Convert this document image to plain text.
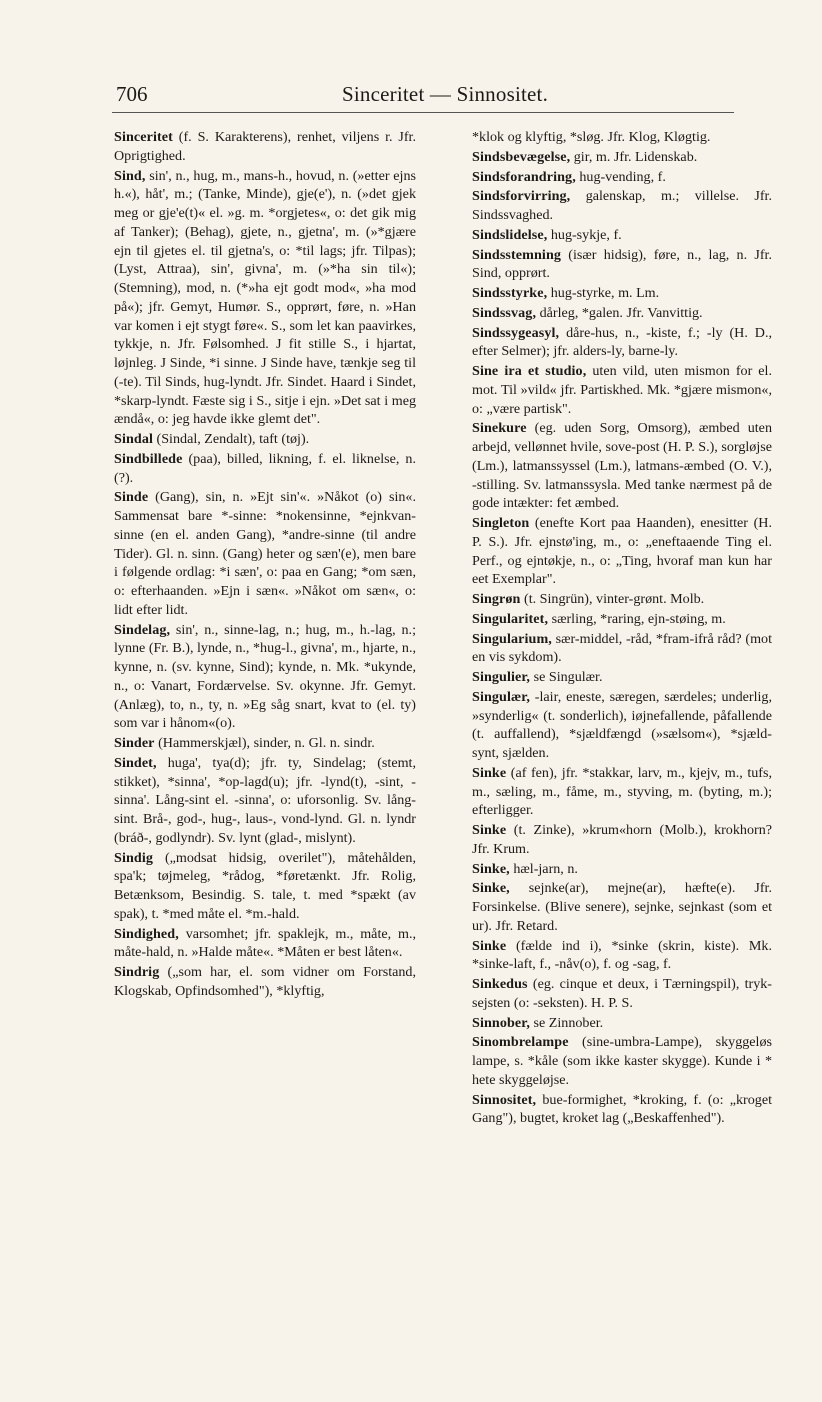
706	Sinceritet — Sinnositet.

Sinceritet (f. S. Karakterens), renhet, viljens r. Jfr. Oprigtighed.

Sind, sin', n., hug, m., mans-h., hovud, n. (»etter ejns h.«), håt', m.; (Tanke, Minde), gje(e'), n. (»det gjek meg or gje'e(t)« el. »g. m. *orgjetes«, o: det gik mig af Tanker); (Behag), gjete, n., gjetna', m. (»*gjære ejn til gjetes el. til gjetna's, o: *til lags; jfr. Tilpas); (Lyst, Attraa), sin', givna', m. (»*ha sin til«); (Stemning), mod, n. (*»ha ejt godt mod«, »ha mod på«); jfr. Gemyt, Humør. S., opprørt, føre, n. »Han var komen i ejt stygt føre«. S., som let kan paavirkes, tykkje, n. Jfr. Følsomhed. J fit stille S., i hjartat, løjnleg. J Sinde, *i sinne. J Sinde have, tænkje seg til (-te). Til Sinds, hug-lyndt. Jfr. Sindet. Haard i Sindet, *skarp-lyndt. Fæste sig i S., sitje i ejn. »Det sat i meg ændå«, o: jeg havde ikke glemt det".

Sindal (Sindal, Zendalt), taft (tøj).

Sindbillede (paa), billed, likning, f. el. liknelse, n. (?).

Sinde (Gang), sin, n. »Ejt sin'«. »Nåkot (o) sin«. Sammensat bare *-sinne: *nokensinne, *ejnkvan-sinne (en el. anden Gang), *andre-sinne (til andre Tider). Gl. n. sinn. (Gang) heter og sæn'(e), men bare i følgende ordlag: *i sæn', o: paa en Gang; *om sæn, o: efterhaanden. »Ejn i sæn«. »Nåkot om sæn«, o: lidt efter lidt.

Sindelag, sin', n., sinne-lag, n.; hug, m., h.-lag, n.; lynne (Fr. B.), lynde, n., *hug-l., givna', m., hjarte, n., kynne, n. (sv. kynne, Sind); kynde, n. Mk. *ukynde, n., o: Vanart, Fordærvelse. Sv. okynne. Jfr. Gemyt. (Anlæg), to, n., ty, n. »Eg såg snart, kvat to (el. ty) som var i hånom«(o).

Sinder (Hammerskjæl), sinder, n. Gl. n. sindr.

Sindet, huga', tya(d); jfr. ty, Sindelag; (stemt, stikket), *sinna', *op-lagd(u); jfr. -lynd(t), -sint, -sinna'. Lång-sint el. -sinna', o: uforsonlig. Sv. lång-sint. Brå-, god-, hug-, laus-, vond-lynd. Gl. n. lyndr (bráð-, godlyndr). Sv. lynt (glad-, mislynt).

Sindig („modsat hidsig, overilet"), måtehålden, spa'k; tøjmeleg, *rådog, *føretænkt. Jfr. Rolig, Betænksom, Besindig. S. tale, t. med *spækt (av spak), t. *med måte el. *m.-hald.

Sindighed, varsomhet; jfr. spaklejk, m., måte, m., måte-hald, n. »Halde måte«. *Måten er best låten«.

Sindrig („som har, el. som vidner om Forstand, Klogskab, Opfindsomhed"), *klyftig,

*klok og klyftig, *sløg. Jfr. Klog, Kløgtig.

Sindsbevægelse, gir, m. Jfr. Lidenskab.

Sindsforandring, hug-vending, f.

Sindsforvirring, galenskap, m.; villelse. Jfr. Sindssvaghed.

Sindslidelse, hug-sykje, f.

Sindsstemning (især hidsig), føre, n., lag, n. Jfr. Sind, opprørt.

Sindsstyrke, hug-styrke, m. Lm.

Sindssvag, dårleg, *galen. Jfr. Vanvittig.

Sindssygeasyl, dåre-hus, n., -kiste, f.; -ly (H. D., efter Selmer); jfr. alders-ly, barne-ly.

Sine ira et studio, uten vild, uten mismon for el. mot. Til »vild« jfr. Partiskhed. Mk. *gjære mismon«, o: „være partisk".

Sinekure (eg. uden Sorg, Omsorg), æmbed uten arbejd, vellønnet hvile, sove-post (H. P. S.), sorgløjse (Lm.), latmanssyssel (Lm.), latmans-æmbed (O. V.), -stilling. Sv. latmanssysla. Med tanke nærmest på de gode intækter: fet æmbed.

Singleton (enefte Kort paa Haanden), enesitter (H. P. S.). Jfr. ejnstø'ing, m., o: „eneftaaende Ting el. Perf., og ejntøkje, n., o: „Ting, hvoraf man kun har eet Exemplar".

Singrøn (t. Singrün), vinter-grønt. Molb.

Singularitet, særling, *raring, ejn-støing, m.

Singularium, sær-middel, -råd, *fram-ifrå råd? (mot en vis sykdom).

Singulier, se Singulær.

Singulær, -lair, eneste, særegen, særdeles; underlig, »synderlig« (t. sonderlich), iøjnefallende, påfallende (t. auffallend), *sjældfængd (»sælsom«), *sjæld-synt, sjælden.

Sinke (af fen), jfr. *stakkar, larv, m., kjejv, m., tufs, m., sæling, m., fåme, m., styving, m. (byting, m.); efterligger.

Sinke (t. Zinke), »krum«horn (Molb.), krokhorn? Jfr. Krum.

Sinke, hæl-jarn, n.

Sinke, sejnke(ar), mejne(ar), hæfte(e). Jfr. Forsinkelse. (Blive senere), sejnke, sejnkast (som et ur). Jfr. Retard.

Sinke (fælde ind i), *sinke (skrin, kiste). Mk. *sinke-laft, f., -nåv(o), f. og -sag, f.

Sinkedus (eg. cinque et deux, i Tærningspil), tryk-sejsten (o: -seksten). H. P. S.

Sinnober, se Zinnober.

Sinombrelampe (sine-umbra-Lampe), skyggeløs lampe, s. *kåle (som ikke kaster skygge). Kunde i * hete skyggeløjse.

Sinnositet, bue-formighet, *kroking, f. (o: „kroget Gang"), bugtet, kroket lag („Beskaffenhed").
